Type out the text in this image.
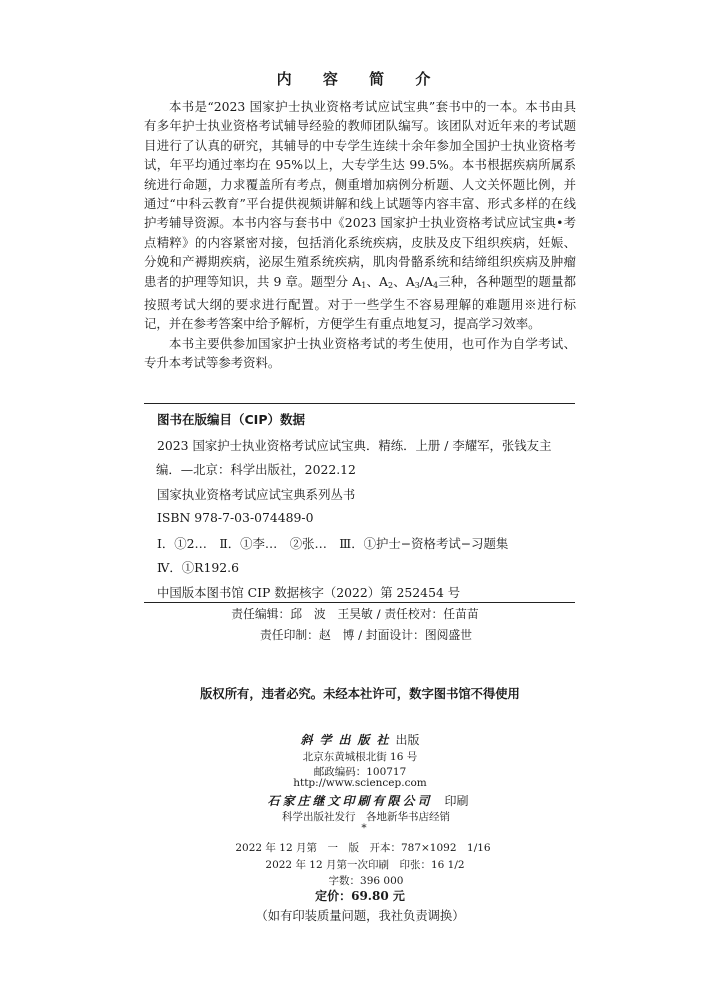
内 容 简 介

本书是“2023 国家护士执业资格考试应试宝典”套书中的一本。本书由具有多年护士执业资格考试辅导经验的教师团队编写。该团队对近年来的考试题目进行了认真的研究，其辅导的中专学生连续十余年参加全国护士执业资格考试，年平均通过率均在 95%以上，大专学生达 99.5%。本书根据疾病所属系统进行命题，力求覆盖所有考点，侧重增加病例分析题、人文关怀题比例，并通过“中科云教育”平台提供视频讲解和线上试题等内容丰富、形式多样的在线护考辅导资源。本书内容与套书中《2023 国家护士执业资格考试应试宝典•考点精粹》的内容紧密对接，包括消化系统疾病，皮肤及皮下组织疾病，妊娠、分娩和产褥期疾病，泌尿生殖系统疾病，肌肉骨骼系统和结缔组织疾病及肿瘤患者的护理等知识，共 9 章。题型分 $A_1$、$A_2$、$A_3/A_4$三种，各种题型的题量都按照考试大纲的要求进行配置。对于一些学生不容易理解的难题用※进行标记，并在参考答案中给予解析，方便学生有重点地复习，提高学习效率。

本书主要供参加国家护士执业资格考试的考生使用，也可作为自学考试、专升本考试等参考资料。

图书在版编目（CIP）数据
2023 国家护士执业资格考试应试宝典．精练．上册 / 李耀军，张钱友主
编．—北京：科学出版社，2022.12
国家执业资格考试应试宝典系列丛书
ISBN 978-7-03-074489-0
Ⅰ．①2…　Ⅱ．①李…　②张…　Ⅲ．①护士−资格考试−习题集
Ⅳ．①R192.6
中国版本图书馆 CIP 数据核字（2022）第 252454 号
责任编辑：邱　波　王昊敏 / 责任校对：任苗苗
责任印制：赵　博 / 封面设计：图阅盛世
版权所有，违者必究。未经本社许可，数字图书馆不得使用
斜学出版社出版
北京东黄城根北街 16 号
邮政编码：100717
http://www.sciencep.com
石家庄继文印刷有限公司　 印刷
科学出版社发行　各地新华书店经销
*
2022 年 12 月第　一　版　开本：787×1092　1/16
2022 年 12 月第一次印刷　印张：16 1/2
字数：396 000
定价：69.80 元
（如有印装质量问题，我社负责调换）
